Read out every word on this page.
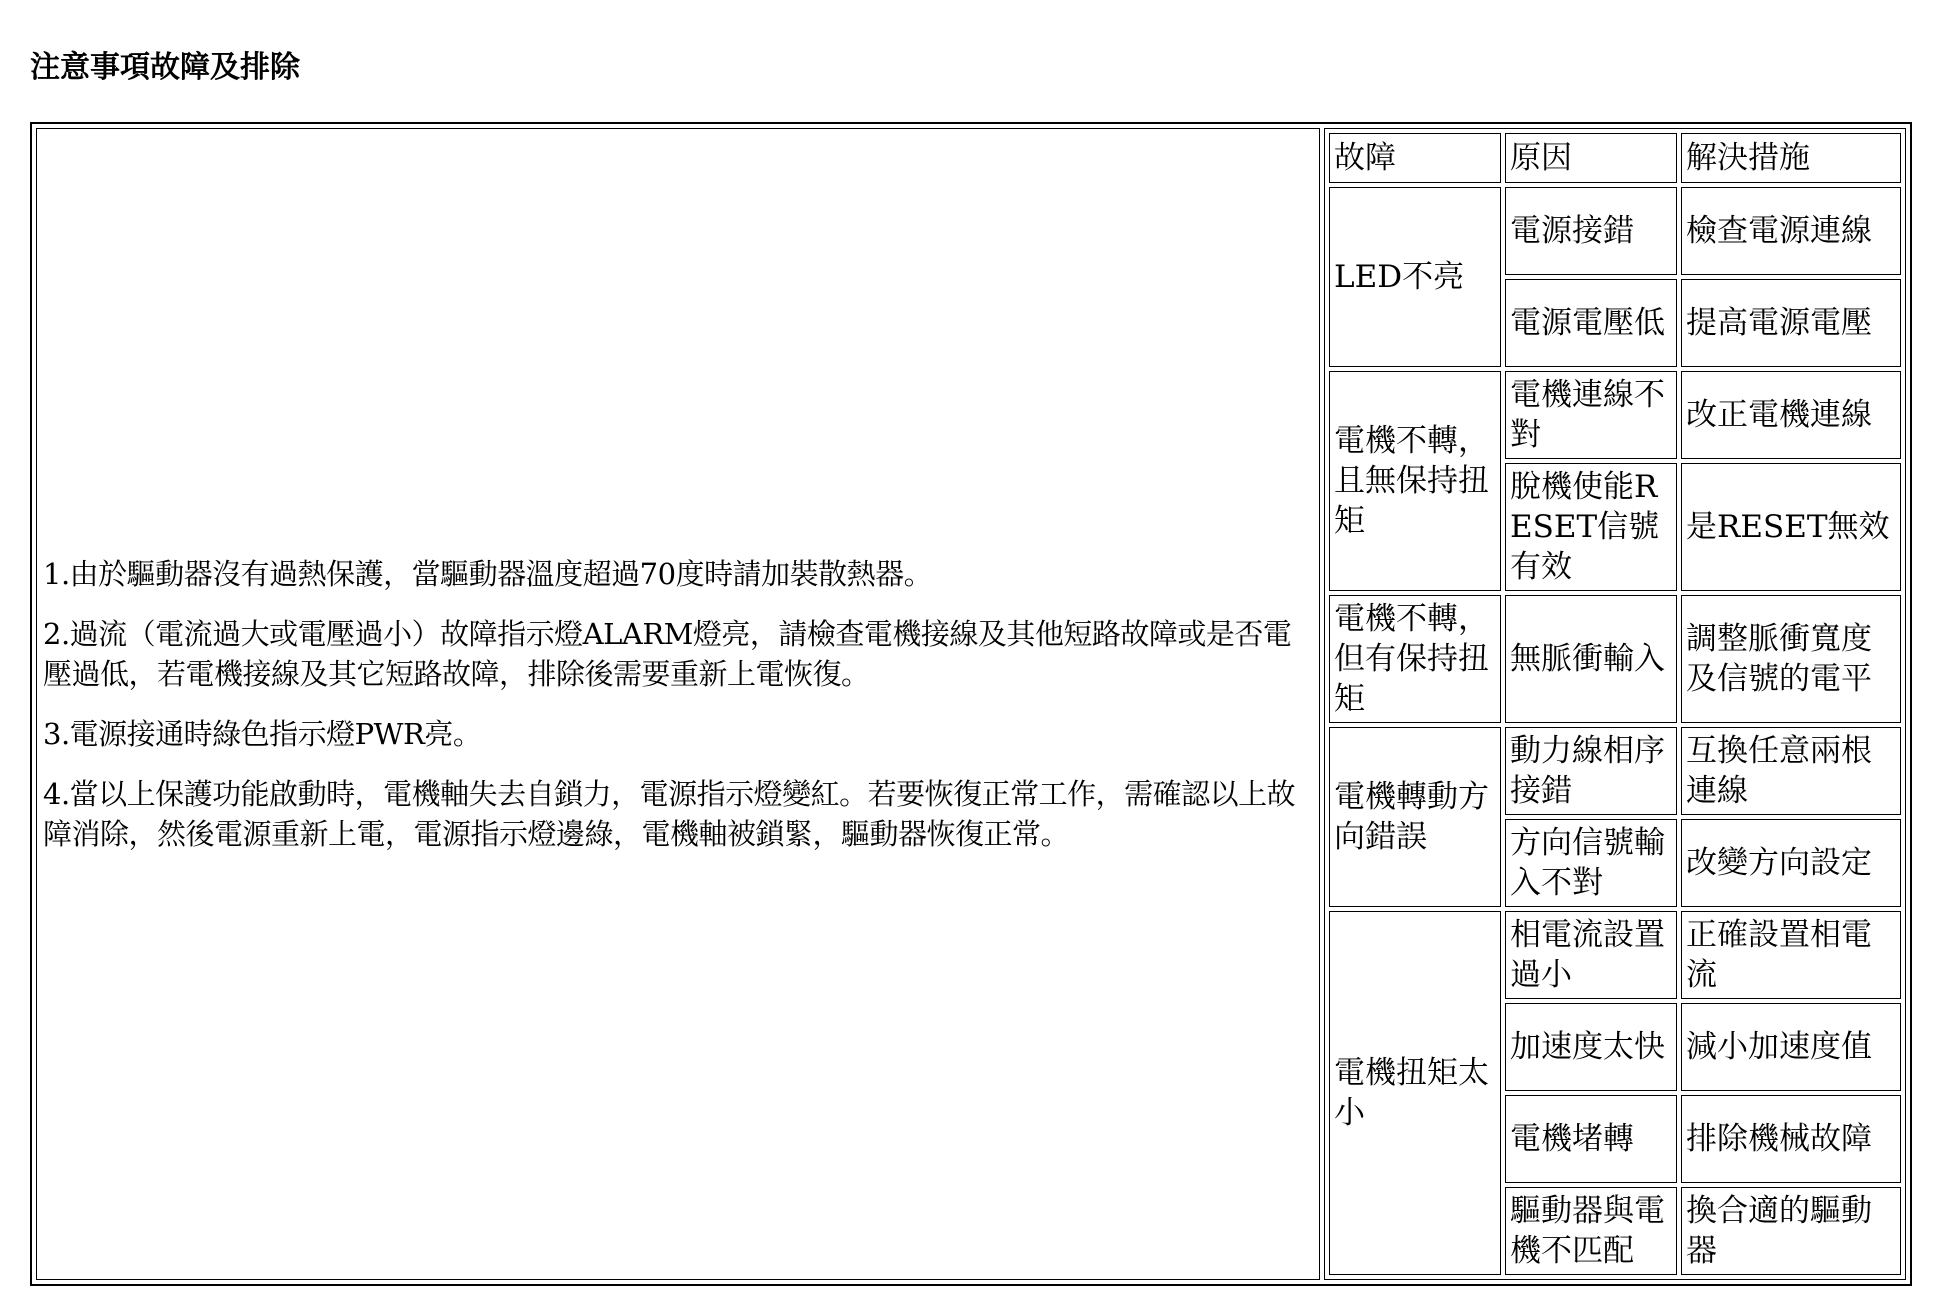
注意事項故障及排除

1.由於驅動器沒有過熱保護，當驅動器溫度超過70度時請加裝散熱器。

2.過流（電流過大或電壓過小）故障指示燈ALARM燈亮，請檢查電機接線及其他短路故障或是否電壓過低，若電機接線及其它短路故障，排除後需要重新上電恢復。

3.電源接通時綠色指示燈PWR亮。

4.當以上保護功能啟動時，電機軸失去自鎖力，電源指示燈變紅。若要恢復正常工作，需確認以上故障消除，然後電源重新上電，電源指示燈邊綠，電機軸被鎖緊，驅動器恢復正常。

故障	原因	解決措施
LED不亮	電源接錯	檢查電源連線
電源電壓低	提高電源電壓
電機不轉，且無保持扭矩	電機連線不對	改正電機連線
脫機使能RESET信號有效	是RESET無效
電機不轉，但有保持扭矩	無脈衝輸入	調整脈衝寬度及信號的電平
電機轉動方向錯誤	動力線相序接錯	互換任意兩根連線
方向信號輸入不對	改變方向設定
電機扭矩太小	相電流設置過小	正確設置相電流
加速度太快	減小加速度值
電機堵轉	排除機械故障
驅動器與電機不匹配	換合適的驅動器
